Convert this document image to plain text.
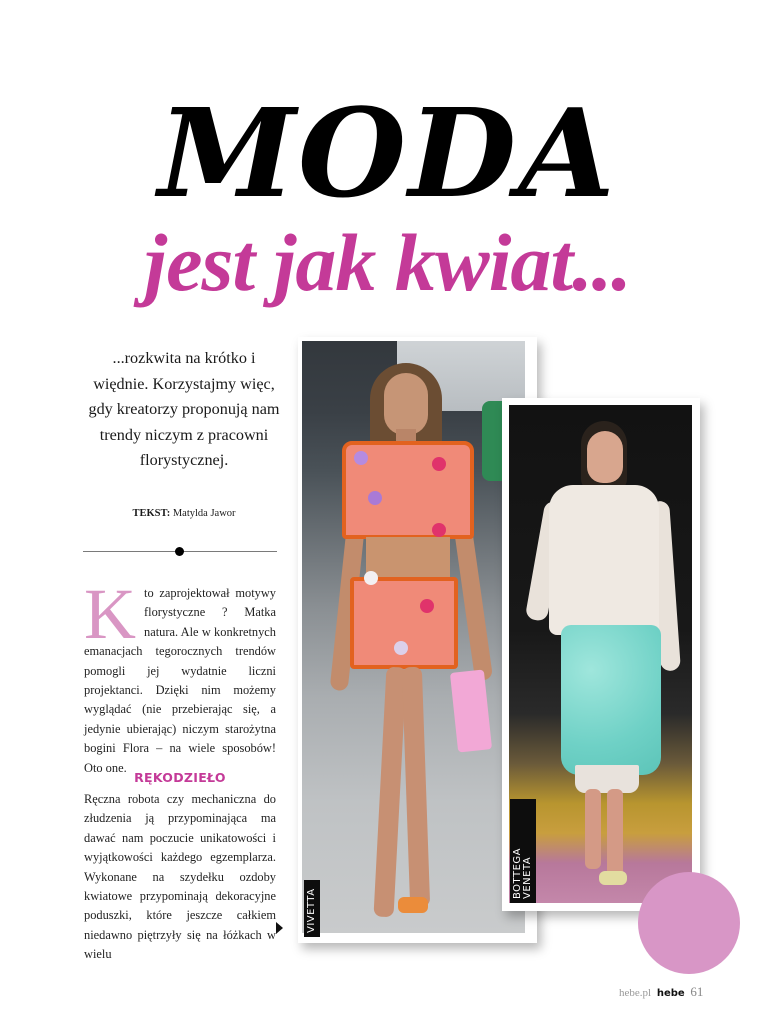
MODA
jest jak kwiat...

...rozkwita na krótko i więdnie. Korzystajmy więc, gdy kreatorzy proponują nam trendy niczym z pracowni florystycznej.

TEKST: Matylda Jawor

K to zaprojektował motywy florystyczne ? Matka natura. Ale w konkretnych emanacjach tegorocznych trendów pomogli jej wydatnie liczni projektanci. Dzięki nim możemy wyglądać (nie przebierając się, a jedynie ubierając) niczym starożytna bogini Flora – na wiele sposobów! Oto one.
RĘKODZIEŁO
Ręczna robota czy mechaniczna do złudzenia ją przypominająca ma dawać nam poczucie unikatowości i wyjątkowości każdego egzemplarza. Wykonane na szydełku ozdoby kwiatowe przypominają dekoracyjne poduszki, które jeszcze całkiem niedawno piętrzyły się na łóżkach w wielu
VIVETTA
BOTTEGA VENETA
hebe.pl hebe 61
